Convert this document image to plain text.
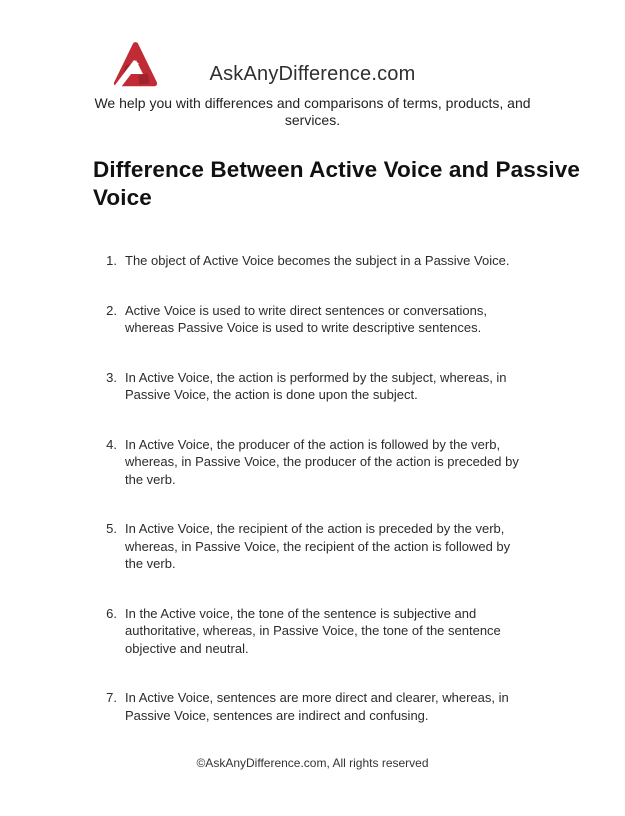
AskAnyDifference.com
We help you with differences and comparisons of terms, products, and services.
Difference Between Active Voice and Passive Voice
1. The object of Active Voice becomes the subject in a Passive Voice.
2. Active Voice is used to write direct sentences or conversations, whereas Passive Voice is used to write descriptive sentences.
3. In Active Voice, the action is performed by the subject, whereas, in Passive Voice, the action is done upon the subject.
4. In Active Voice, the producer of the action is followed by the verb, whereas, in Passive Voice, the producer of the action is preceded by the verb.
5. In Active Voice, the recipient of the action is preceded by the verb, whereas, in Passive Voice, the recipient of the action is followed by the verb.
6. In the Active voice, the tone of the sentence is subjective and authoritative, whereas, in Passive Voice, the tone of the sentence objective and neutral.
7. In Active Voice, sentences are more direct and clearer, whereas, in Passive Voice, sentences are indirect and confusing.
©AskAnyDifference.com, All rights reserved
